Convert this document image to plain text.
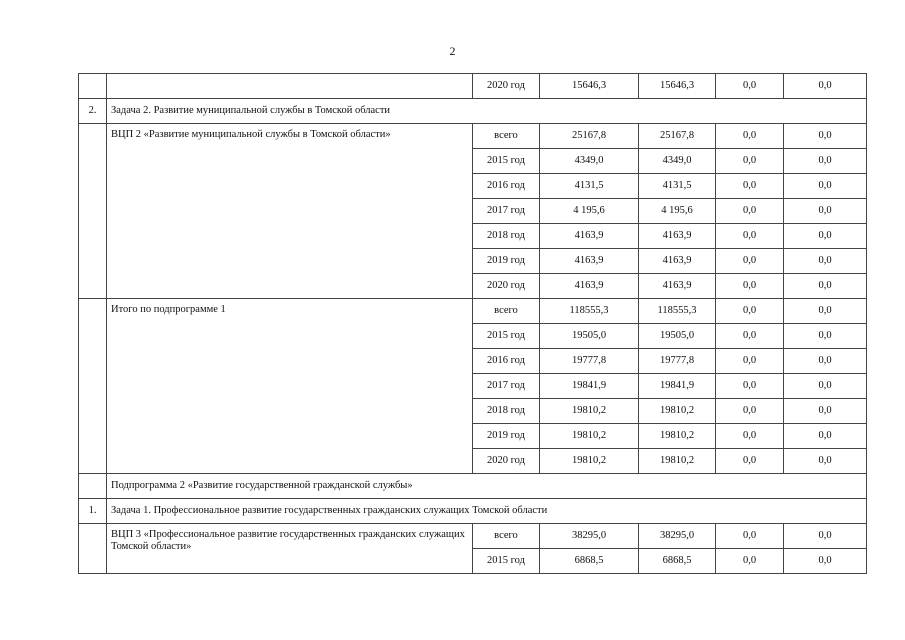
2
		2020 год	15646,3	15646,3	0,0	0,0
2.	Задача 2. Развитие муниципальной службы в Томской области					
	ВЦП 2 «Развитие муниципальной службы в Томской области»	всего	25167,8	25167,8	0,0	0,0
		2015 год	4349,0	4349,0	0,0	0,0
		2016 год	4131,5	4131,5	0,0	0,0
		2017 год	4 195,6	4 195,6	0,0	0,0
		2018 год	4163,9	4163,9	0,0	0,0
		2019 год	4163,9	4163,9	0,0	0,0
		2020 год	4163,9	4163,9	0,0	0,0
	Итого по подпрограмме 1	всего	118555,3	118555,3	0,0	0,0
		2015 год	19505,0	19505,0	0,0	0,0
		2016 год	19777,8	19777,8	0,0	0,0
		2017 год	19841,9	19841,9	0,0	0,0
		2018 год	19810,2	19810,2	0,0	0,0
		2019 год	19810,2	19810,2	0,0	0,0
		2020 год	19810,2	19810,2	0,0	0,0
	Подпрограмма 2 «Развитие государственной гражданской службы»					
1.	Задача 1. Профессиональное развитие государственных гражданских служащих Томской области					
	ВЦП 3 «Профессиональное развитие государственных гражданских служащих Томской области»	всего	38295,0	38295,0	0,0	0,0
		2015 год	6868,5	6868,5	0,0	0,0
